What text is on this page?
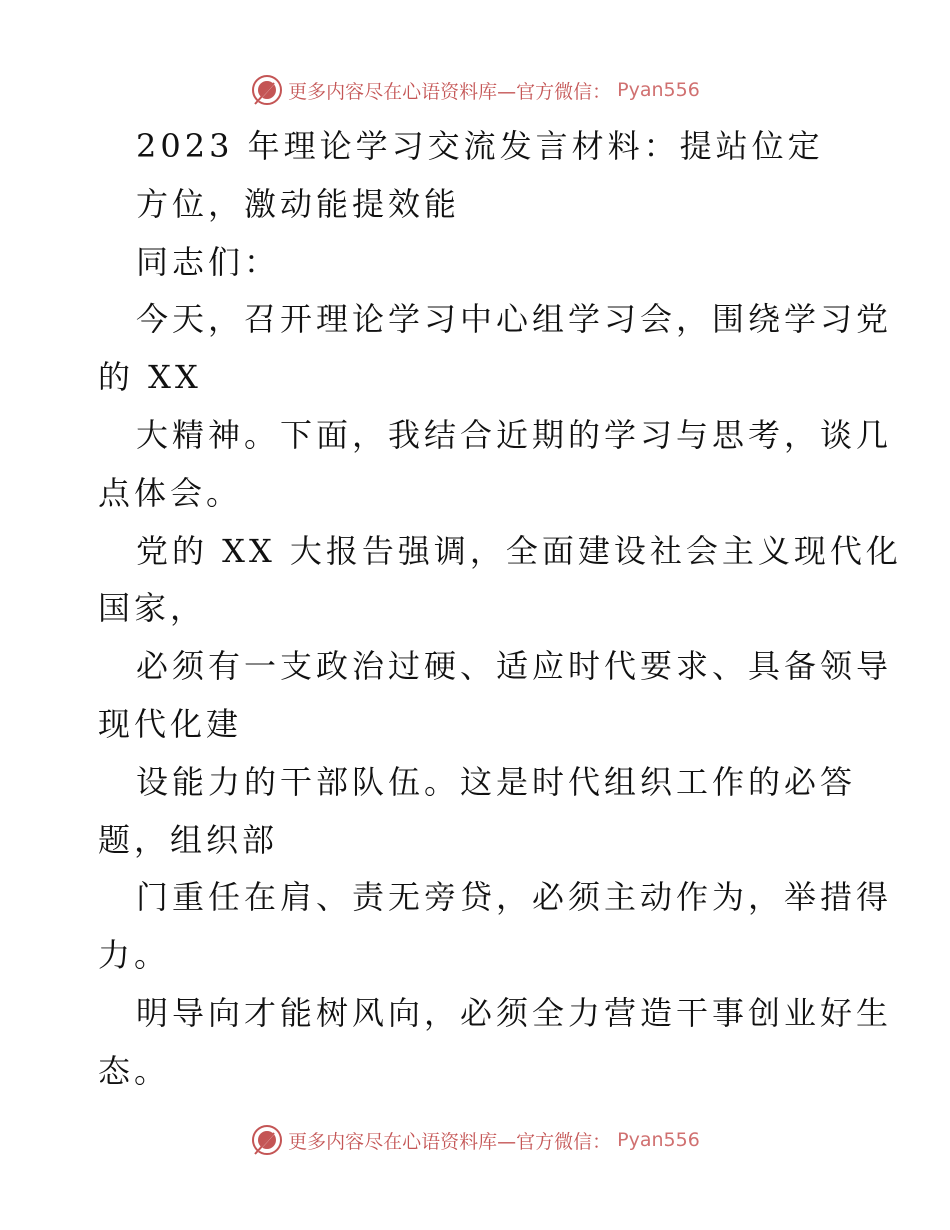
更多内容尽在心语资料库—官方微信： Pyan556
2023 年理论学习交流发言材料：提站位定
方位，激动能提效能
同志们：
今天，召开理论学习中心组学习会，围绕学习党
的 XX
大精神。下面，我结合近期的学习与思考，谈几
点体会。
党的 XX 大报告强调，全面建设社会主义现代化
国家，
必须有一支政治过硬、适应时代要求、具备领导
现代化建
设能力的干部队伍。这是时代组织工作的必答
题，组织部
门重任在肩、责无旁贷，必须主动作为，举措得
力。
明导向才能树风向，必须全力营造干事创业好生
态。
更多内容尽在心语资料库—官方微信： Pyan556
